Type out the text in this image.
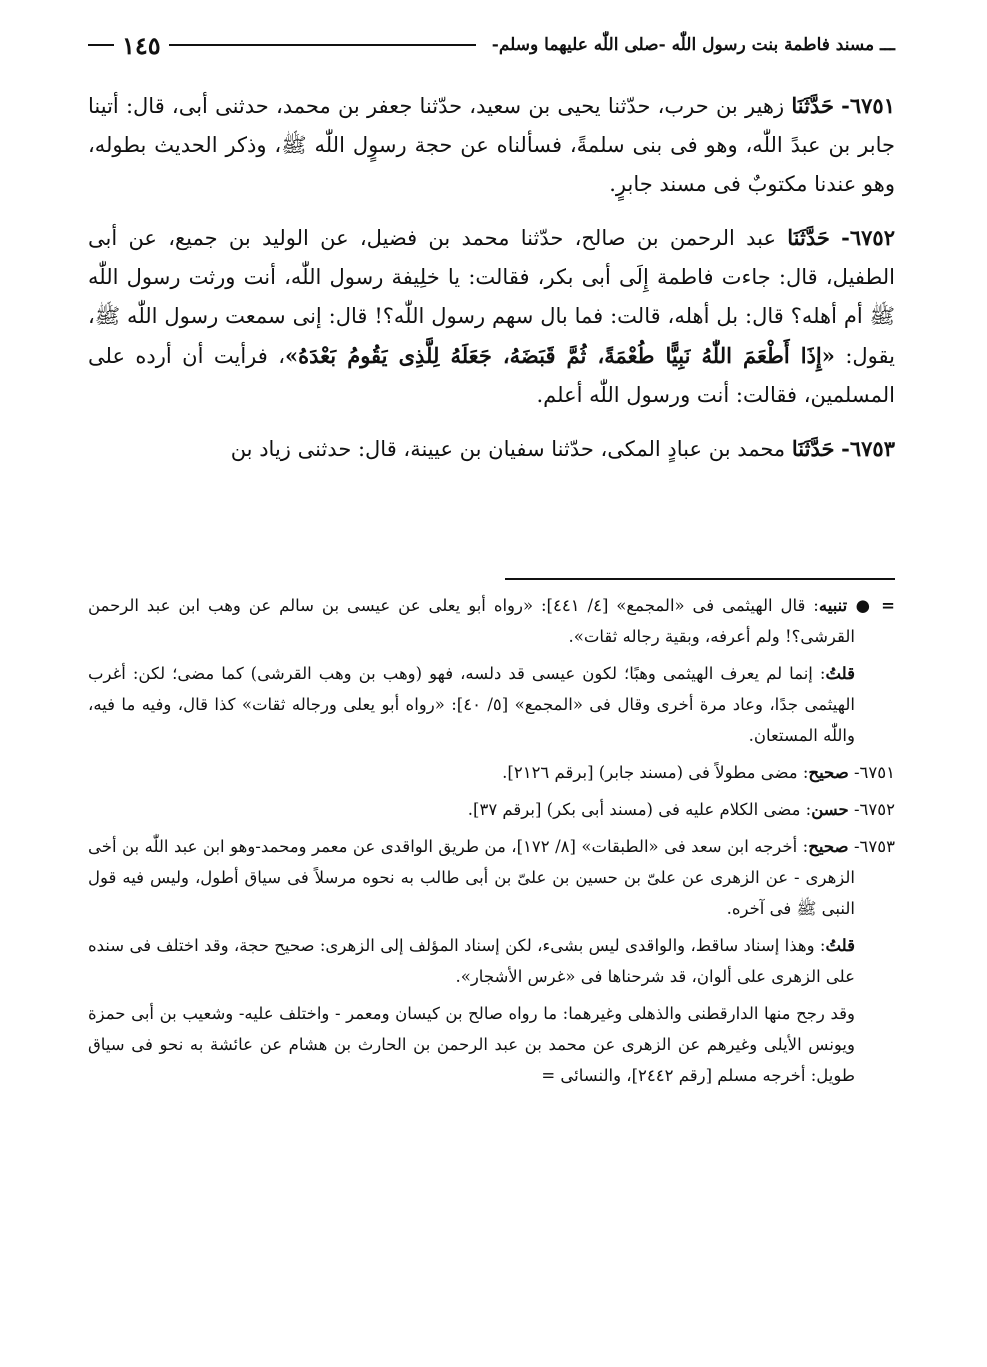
ـــ مسند فاطمة بنت رسول اللّٰه -صلى اللّٰه عليهما وسلم-
١٤٥

٦٧٥١- حَدَّثَنَا زهير بن حرب، حدّثنا يحيى بن سعيد، حدّثنا جعفر بن محمد، حدثنى أبى، قال: أتينا جابر بن عبدً اللّٰه، وهو فى بنى سلمةً، فسألناه عن حجة رسوٍل اللّٰه ﷺ، وذكر الحديث بطوله، وهو عندنا مكتوبٌ فى مسند جابرٍ.

٦٧٥٢- حَدَّثَنَا عبد الرحمن بن صالح، حدّثنا محمد بن فضيل، عن الوليد بن جميع، عن أبى الطفيل، قال: جاءت فاطمة إِلَى أبى بكر، فقالت: يا خلِيفة رسول اللّٰه، أنت ورثت رسول اللّٰه ﷺ أم أهله؟ قال: بل أهله، قالت: فما بال سهم رسول اللّٰه؟! قال: إنى سمعت رسول اللّٰه ﷺ، يقول: «إِذَا أَطْعَمَ اللّٰهُ نَبِيًّا طُعْمَةً، ثُمَّ قَبَضَهُ، جَعَلَهُ لِلَّذِى يَقُومُ بَعْدَهُ»، فرأيت أن أرده على المسلمين، فقالت: أنت ورسول اللّٰه أعلم.

٦٧٥٣- حَدَّثَنَا محمد بن عبادٍ المكى، حدّثنا سفيان بن عيينة، قال: حدثنى زياد بن

= ● تنبيه: قال الهيثمى فى «المجمع» [٤/ ٤٤١]: «رواه أبو يعلى عن عيسى بن سالم عن وهب ابن عبد الرحمن القرشى؟! ولم أعرفه، وبقية رجاله ثقات».

قلتُ: إنما لم يعرف الهيثمى وهبًا؛ لكون عيسى قد دلسه، فهو (وهب بن وهب القرشى) كما مضى؛ لكن: أغرب الهيثمى جدًا، وعاد مرة أخرى وقال فى «المجمع» [٥/ ٤٠]: «رواه أبو يعلى ورجاله ثقات» كذا قال، وفيه ما فيه، واللّٰه المستعان.

٦٧٥١- صحيح: مضى مطولاً فى (مسند جابر) [برقم ٢١٢٦].

٦٧٥٢- حسن: مضى الكلام عليه فى (مسند أبى بكر) [برقم ٣٧].

٦٧٥٣- صحيح: أخرجه ابن سعد فى «الطبقات» [٨/ ١٧٢]، من طريق الواقدى عن معمر ومحمد-وهو ابن عبد اللّٰه بن أخى الزهرى - عن الزهرى عن علىّ بن حسين بن علىّ بن أبى طالب به نحوه مرسلاً فى سياق أطول، وليس فيه قول النبى ﷺ فى آخره.

قلتُ: وهذا إسناد ساقط، والواقدى ليس بشىء، لكن إسناد المؤلف إلى الزهرى: صحيح حجة، وقد اختلف فى سنده على الزهرى على ألوان، قد شرحناها فى «غرس الأشجار».

وقد رجح منها الدارقطنى والذهلى وغيرهما: ما رواه صالح بن كيسان ومعمر - واختلف عليه- وشعيب بن أبى حمزة ويونس الأيلى وغيرهم عن الزهرى عن محمد بن عبد الرحمن بن الحارث بن هشام عن عائشة به نحو فى سياق طويل: أخرجه مسلم [رقم ٢٤٤٢]، والنسائى =
